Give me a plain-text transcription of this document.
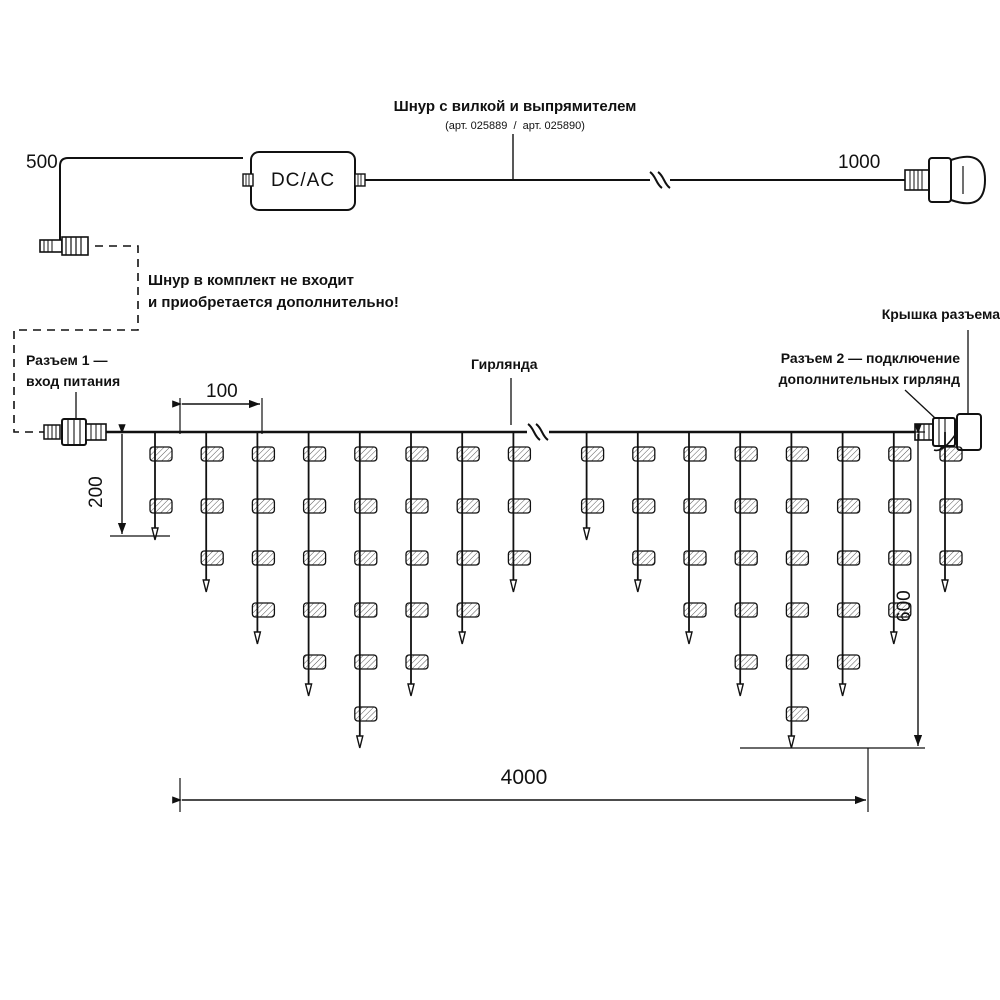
Шнур с вилкой и выпрямителем
(арт. 025889  /  арт. 025890)
500	1000
DC/AC
Шнур в комплект не входит
и приобретается дополнительно!
Разъем 1 —
вход питания
Гирлянда	Разъем 2 — подключение
дополнительных гирлянд
Крышка разъема
100
200
600
4000
